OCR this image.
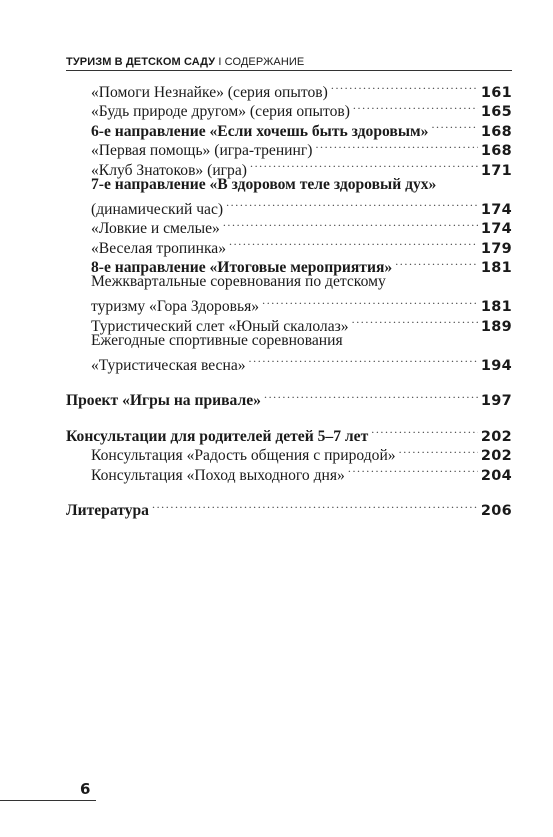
ТУРИЗМ В ДЕТСКОМ САДУ I СОДЕРЖАНИЕ
«Помоги Незнайке» (серия опытов) .....	161
«Будь природе другом» (серия опытов) .....	165
6-е направление «Если хочешь быть здоровым» .....	168
«Первая помощь» (игра-тренинг) .....	168
«Клуб Знатоков» (игра) .....	171
7-е направление «В здоровом теле здоровый дух»
(динамический час) .....	174
«Ловкие и смелые» .....	174
«Веселая тропинка» .....	179
8-е направление «Итоговые мероприятия» .....	181
Межквартальные соревнования по детскому
туризму «Гора Здоровья» .....	181
Туристический слет «Юный скалолаз» .....	189
Ежегодные спортивные соревнования
«Туристическая весна» .....	194
Проект «Игры на привале» .....	197
Консультации для родителей детей 5–7 лет .....	202
Консультация «Радость общения с природой» .....	202
Консультация «Поход выходного дня» .....	204
Литература .....	206
6
